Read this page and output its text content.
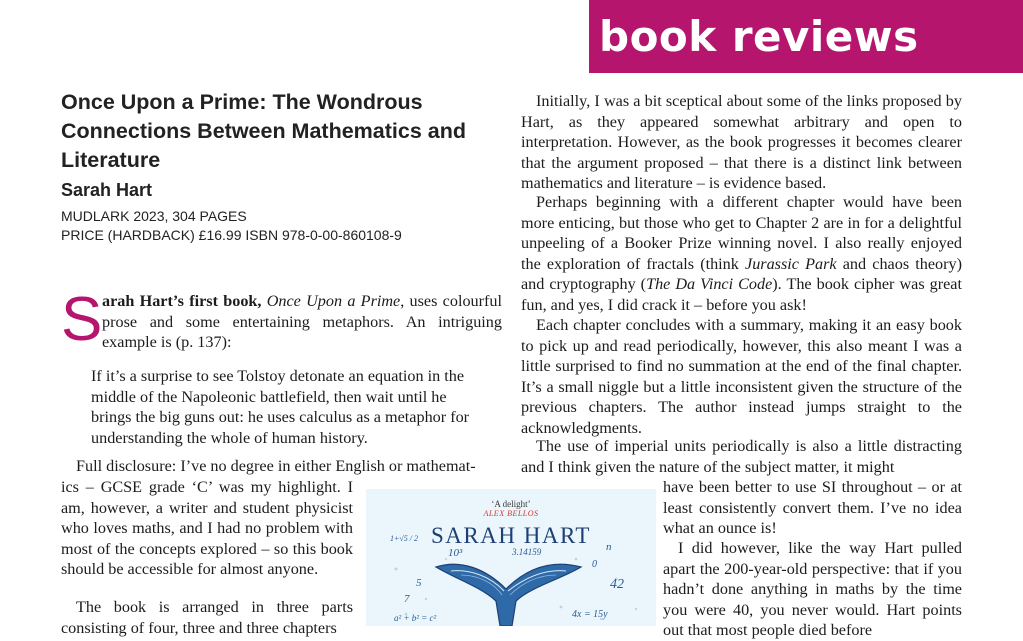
book reviews
Once Upon a Prime: The Wondrous Connections Between Mathematics and Literature
Sarah Hart
MUDLARK 2023, 304 PAGES
PRICE (HARDBACK) £16.99 ISBN 978-0-00-860108-9
S arah Hart’s first book, Once Upon a Prime, uses colourful prose and some entertaining metaphors. An intriguing example is (p. 137):

If it’s a surprise to see Tolstoy detonate an equation in the middle of the Napoleonic battlefield, then wait until he brings the big guns out: he uses calculus as a metaphor for understanding the whole of human history.

Full disclosure: I’ve no degree in either English or mathemat-

ics – GCSE grade ‘C’ was my highlight. I am, however, a writer and student physicist who loves maths, and I had no problem with most of the concepts explored – so this book should be accessible for almost anyone.

The book is arranged in three parts consisting of four, three and three chapters

Initially, I was a bit sceptical about some of the links proposed by Hart, as they appeared somewhat arbitrary and open to interpretation. However, as the book progresses it becomes clearer that the argument proposed – that there is a distinct link between mathematics and literature – is evidence based.

Perhaps beginning with a different chapter would have been more enticing, but those who get to Chapter 2 are in for a delightful unpeeling of a Booker Prize winning novel. I also really enjoyed the exploration of fractals (think Jurassic Park and chaos theory) and cryptography (The Da Vinci Code). The book cipher was great fun, and yes, I did crack it – before you ask!

Each chapter concludes with a summary, making it an easy book to pick up and read periodically, however, this also meant I was a little surprised to find no summation at the end of the final chapter. It’s a small niggle but a little inconsistent given the structure of the previous chapters. The author instead jumps straight to the acknowledgments.

The use of imperial units periodically is also a little distracting and I think given the nature of the subject matter, it might

have been better to use SI throughout – or at least consistently convert them. I’ve no idea what an ounce is!

I did however, like the way Hart pulled apart the 200-year-old perspective: that if you hadn’t done anything in maths by the time you were 40, you never would. Hart points out that most people died before

‘A delight’
ALEX BELLOS
SARAH HART
10³	3.14159
1+√5 / 2
n
0
42
7
5
a² + b² = c²	4x = 15y
